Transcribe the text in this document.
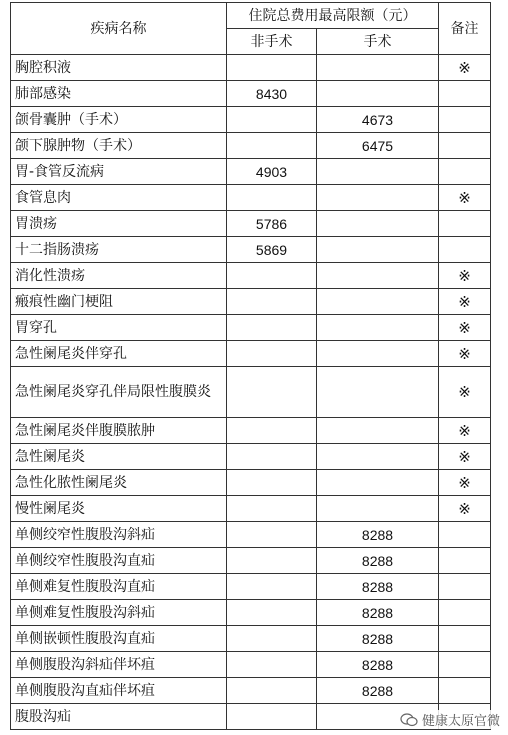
疾病名称	住院总费用最高限额（元）		备注
	非手术	手术	
胸腔积液			※
肺部感染	8430		
颌骨囊肿（手术）		4673	
颌下腺肿物（手术）		6475	
胃-食管反流病	4903		
食管息肉			※
胃溃疡	5786		
十二指肠溃疡	5869		
消化性溃疡			※
瘢痕性幽门梗阻			※
胃穿孔			※
急性阑尾炎伴穿孔			※
急性阑尾炎穿孔伴局限性腹膜炎			※
急性阑尾炎伴腹膜脓肿			※
急性阑尾炎			※
急性化脓性阑尾炎			※
慢性阑尾炎			※
单侧绞窄性腹股沟斜疝		8288	
单侧绞窄性腹股沟直疝		8288	
单侧难复性腹股沟直疝		8288	
单侧难复性腹股沟斜疝		8288	
单侧嵌顿性腹股沟直疝		8288	
单侧腹股沟斜疝伴坏疽		8288	
单侧腹股沟直疝伴坏疽		8288	
腹股沟疝				健康太原官微
